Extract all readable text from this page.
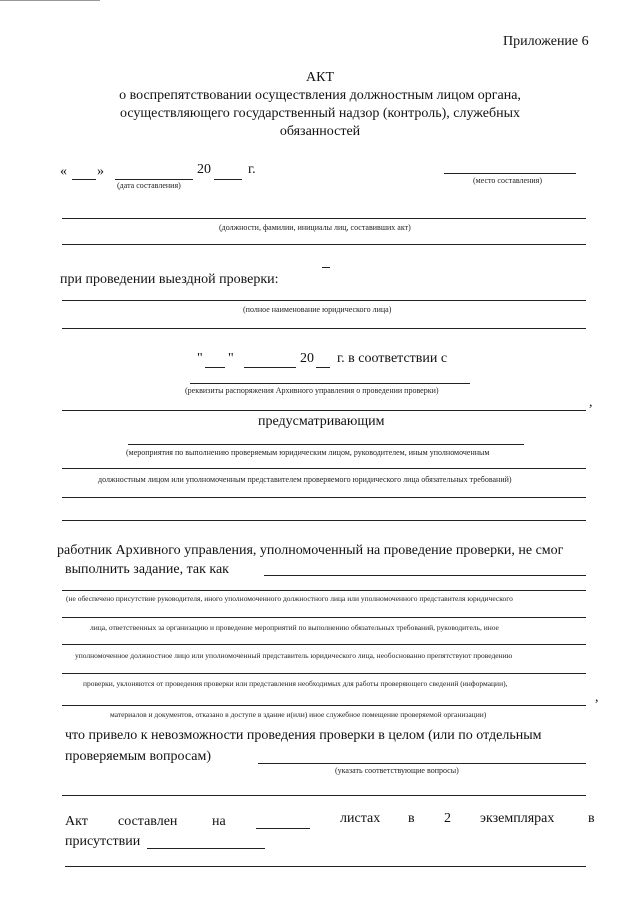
Приложение 6
АКТ
о воспрепятствовании осуществления должностным лицом органа,
осуществляющего государственный надзор (контроль), служебных
обязанностей
« »	20	г.
(дата составления)
(место составления)
(должности, фамилии, инициалы лиц, составивших акт)
при проведении выездной проверки:
(полное наименование юридического лица)
" "	20 г. в соответствии с
(реквизиты распоряжения Архивного управления о проведении проверки)
,
предусматривающим
(мероприятия по выполнению проверяемым юридическим лицом, руководителем, иным уполномоченным
должностным лицом или уполномоченным представителем проверяемого юридического лица обязательных требований)
работник Архивного управления, уполномоченный на проведение проверки, не смог
выполнить задание, так как
(не обеспечено присутствие руководителя, иного уполномоченного должностного лица или уполномоченного представителя юридического
лица, ответственных за организацию и проведение мероприятий по выполнению обязательных требований, руководитель, иное
уполномоченное должностное лицо или уполномоченный представитель юридического лица, необоснованно препятствуют проведению
проверки, уклоняются от проведения проверки или представления необходимых для работы проверяющего сведений (информации),
,
материалов и документов, отказано в доступе в здание и(или) иное служебное помещение проверяемой организации)
что привело к невозможности проведения проверки в целом (или по отдельным
проверяемым вопросам)
(указать соответствующие вопросы)
Акт составлен на	листах в 2 экземплярах в
присутствии
